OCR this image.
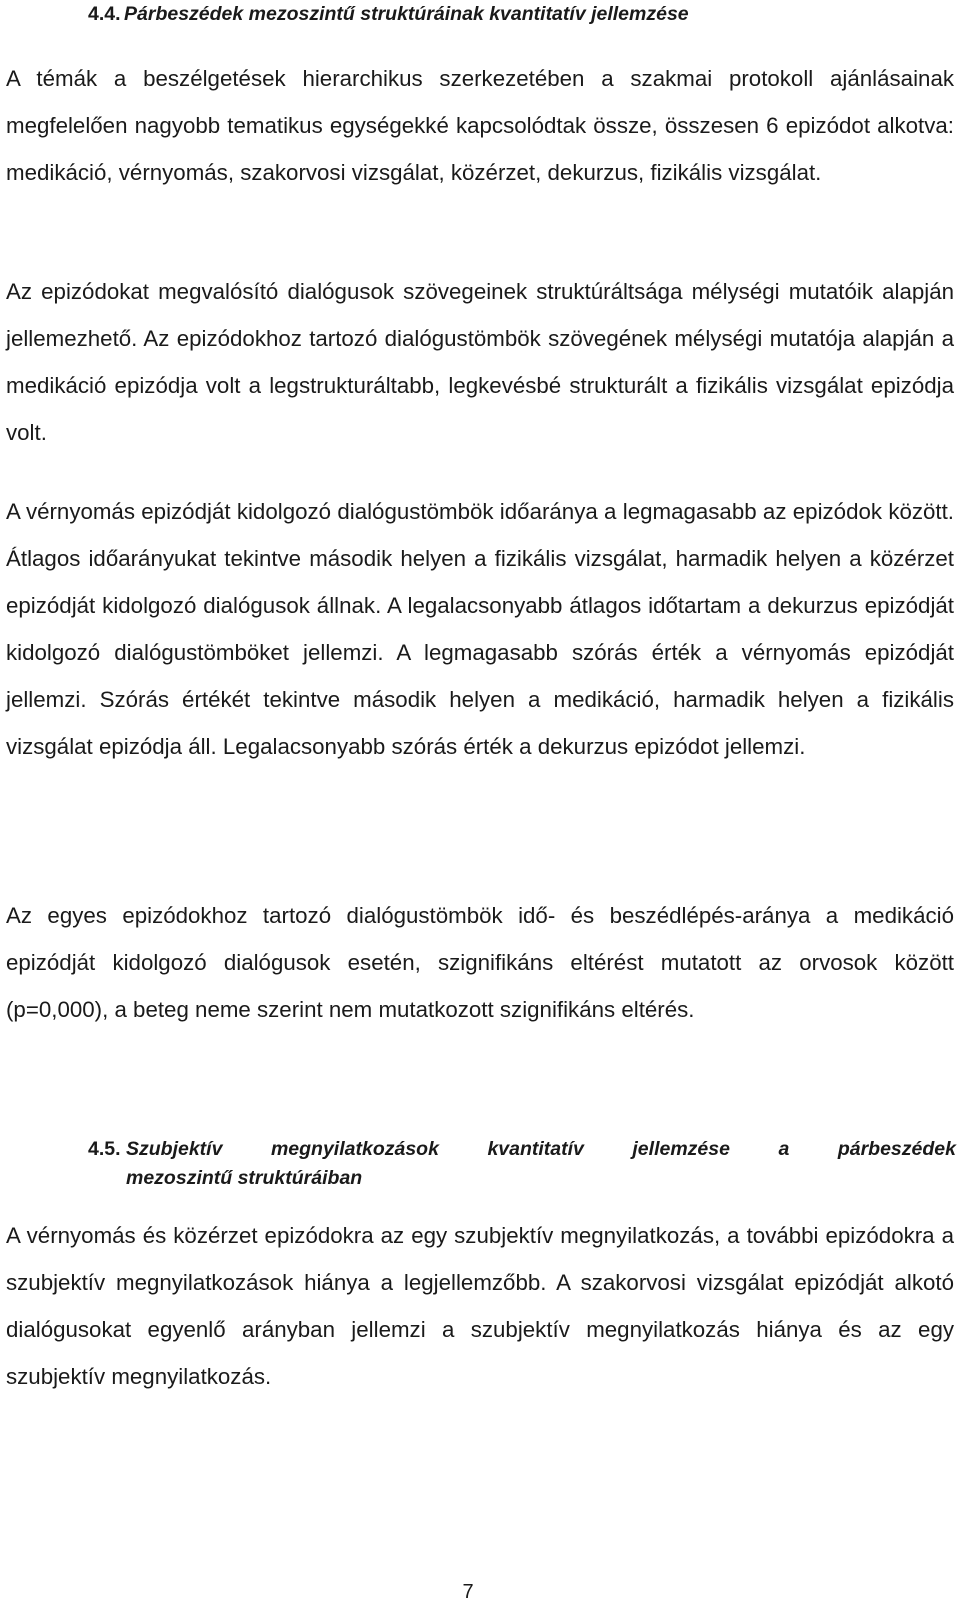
4.4. Párbeszédek mezoszintű struktúráinak kvantitatív jellemzése

A témák a beszélgetések hierarchikus szerkezetében a szakmai protokoll ajánlásainak megfelelően nagyobb tematikus egységekké kapcsolódtak össze, összesen 6 epizódot alkotva: medikáció, vérnyomás, szakorvosi vizsgálat, közérzet, dekurzus, fizikális vizsgálat.

Az epizódokat megvalósító dialógusok szövegeinek struktúráltsága mélységi mutatóik alapján jellemezhető. Az epizódokhoz tartozó dialógustömbök szövegének mélységi mutatója alapján a medikáció epizódja volt a legstrukturáltabb, legkevésbé strukturált a fizikális vizsgálat epizódja volt.

A vérnyomás epizódját kidolgozó dialógustömbök időaránya a legmagasabb az epizódok között. Átlagos időarányukat tekintve második helyen a fizikális vizsgálat, harmadik helyen a közérzet epizódját kidolgozó dialógusok állnak. A legalacsonyabb átlagos időtartam a dekurzus epizódját kidolgozó dialógustömböket jellemzi. A legmagasabb szórás érték a vérnyomás epizódját jellemzi. Szórás értékét tekintve második helyen a medikáció, harmadik helyen a fizikális vizsgálat epizódja áll. Legalacsonyabb szórás érték a dekurzus epizódot jellemzi.

Az egyes epizódokhoz tartozó dialógustömbök idő- és beszédlépés-aránya a medikáció epizódját kidolgozó dialógusok esetén, szignifikáns eltérést mutatott az orvosok között (p=0,000), a beteg neme szerint nem mutatkozott szignifikáns eltérés.

4.5. Szubjektív megnyilatkozások kvantitatív jellemzése a párbeszédek
mezoszintű struktúráiban

A vérnyomás és közérzet epizódokra az egy szubjektív megnyilatkozás, a további epizódokra a szubjektív megnyilatkozások hiánya a legjellemzőbb. A szakorvosi vizsgálat epizódját alkotó dialógusokat egyenlő arányban jellemzi a szubjektív megnyilatkozás hiánya és az egy szubjektív megnyilatkozás.

7
